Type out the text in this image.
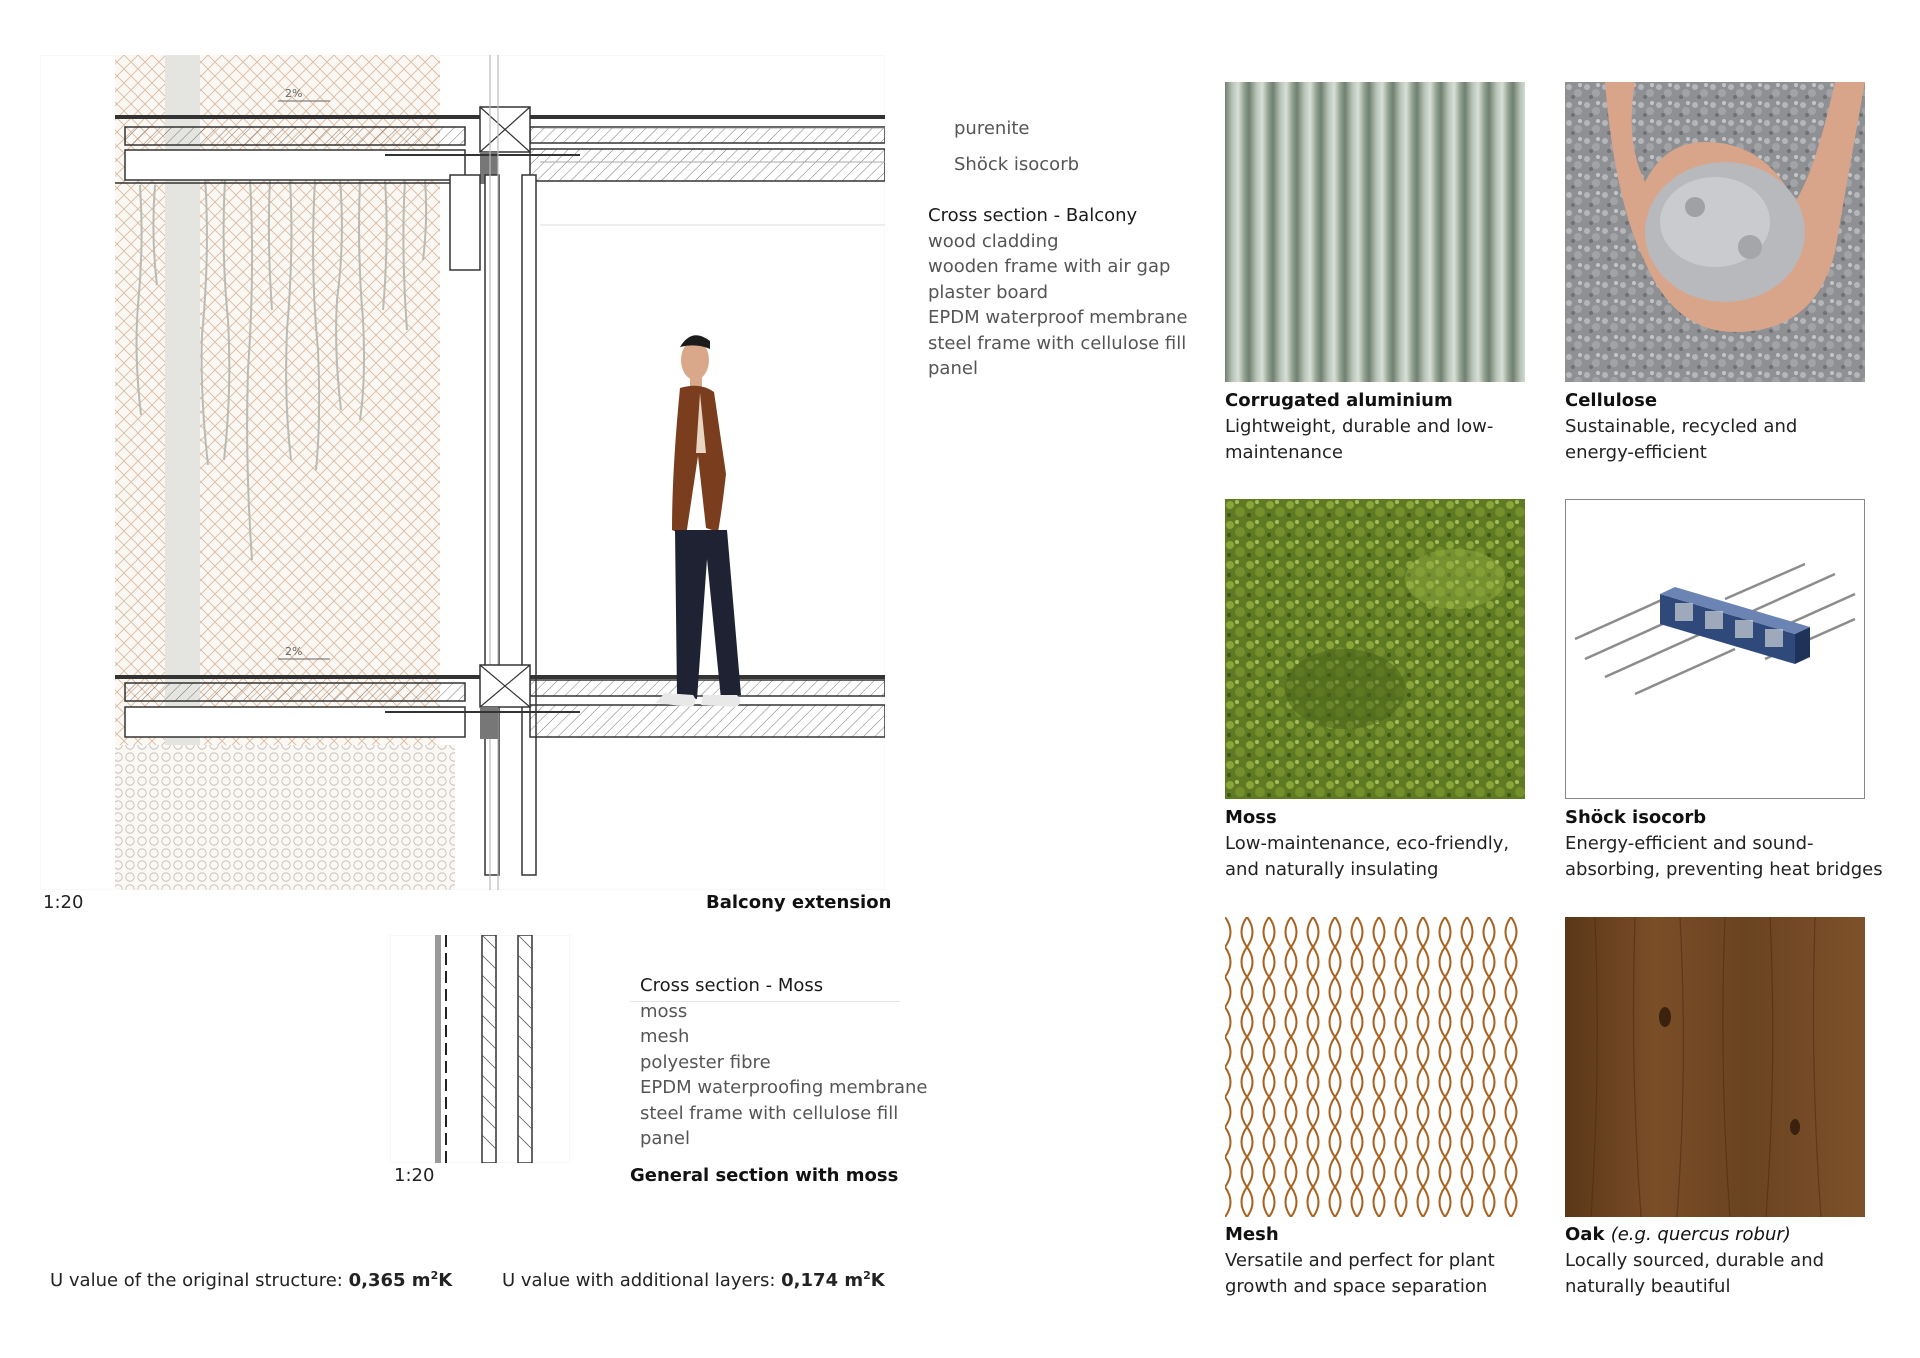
2%
2%
purenite
Shöck isocorb
Cross section - Balcony
wood cladding
wooden frame with air gap
plaster board
EPDM waterproof membrane
steel frame with cellulose fill
panel
1:20	Balcony extension
Cross section - Moss
moss
mesh
polyester fibre
EPDM waterproofing membrane
steel frame with cellulose fill
panel
1:20	General section with moss
U value of the original structure: 0,365 $m^2K$	U value with additional layers: 0,174 $m^2K$
Corrugated aluminium
Lightweight, durable and low-maintenance
Cellulose
Sustainable, recycled and energy-efficient
Moss
Low-maintenance, eco-friendly, and naturally insulating
Shöck isocorb
Energy-efficient and sound-absorbing, preventing heat bridges
Mesh
Versatile and perfect for plant growth and space separation
Oak (e.g. quercus robur)
Locally sourced, durable and naturally beautiful
